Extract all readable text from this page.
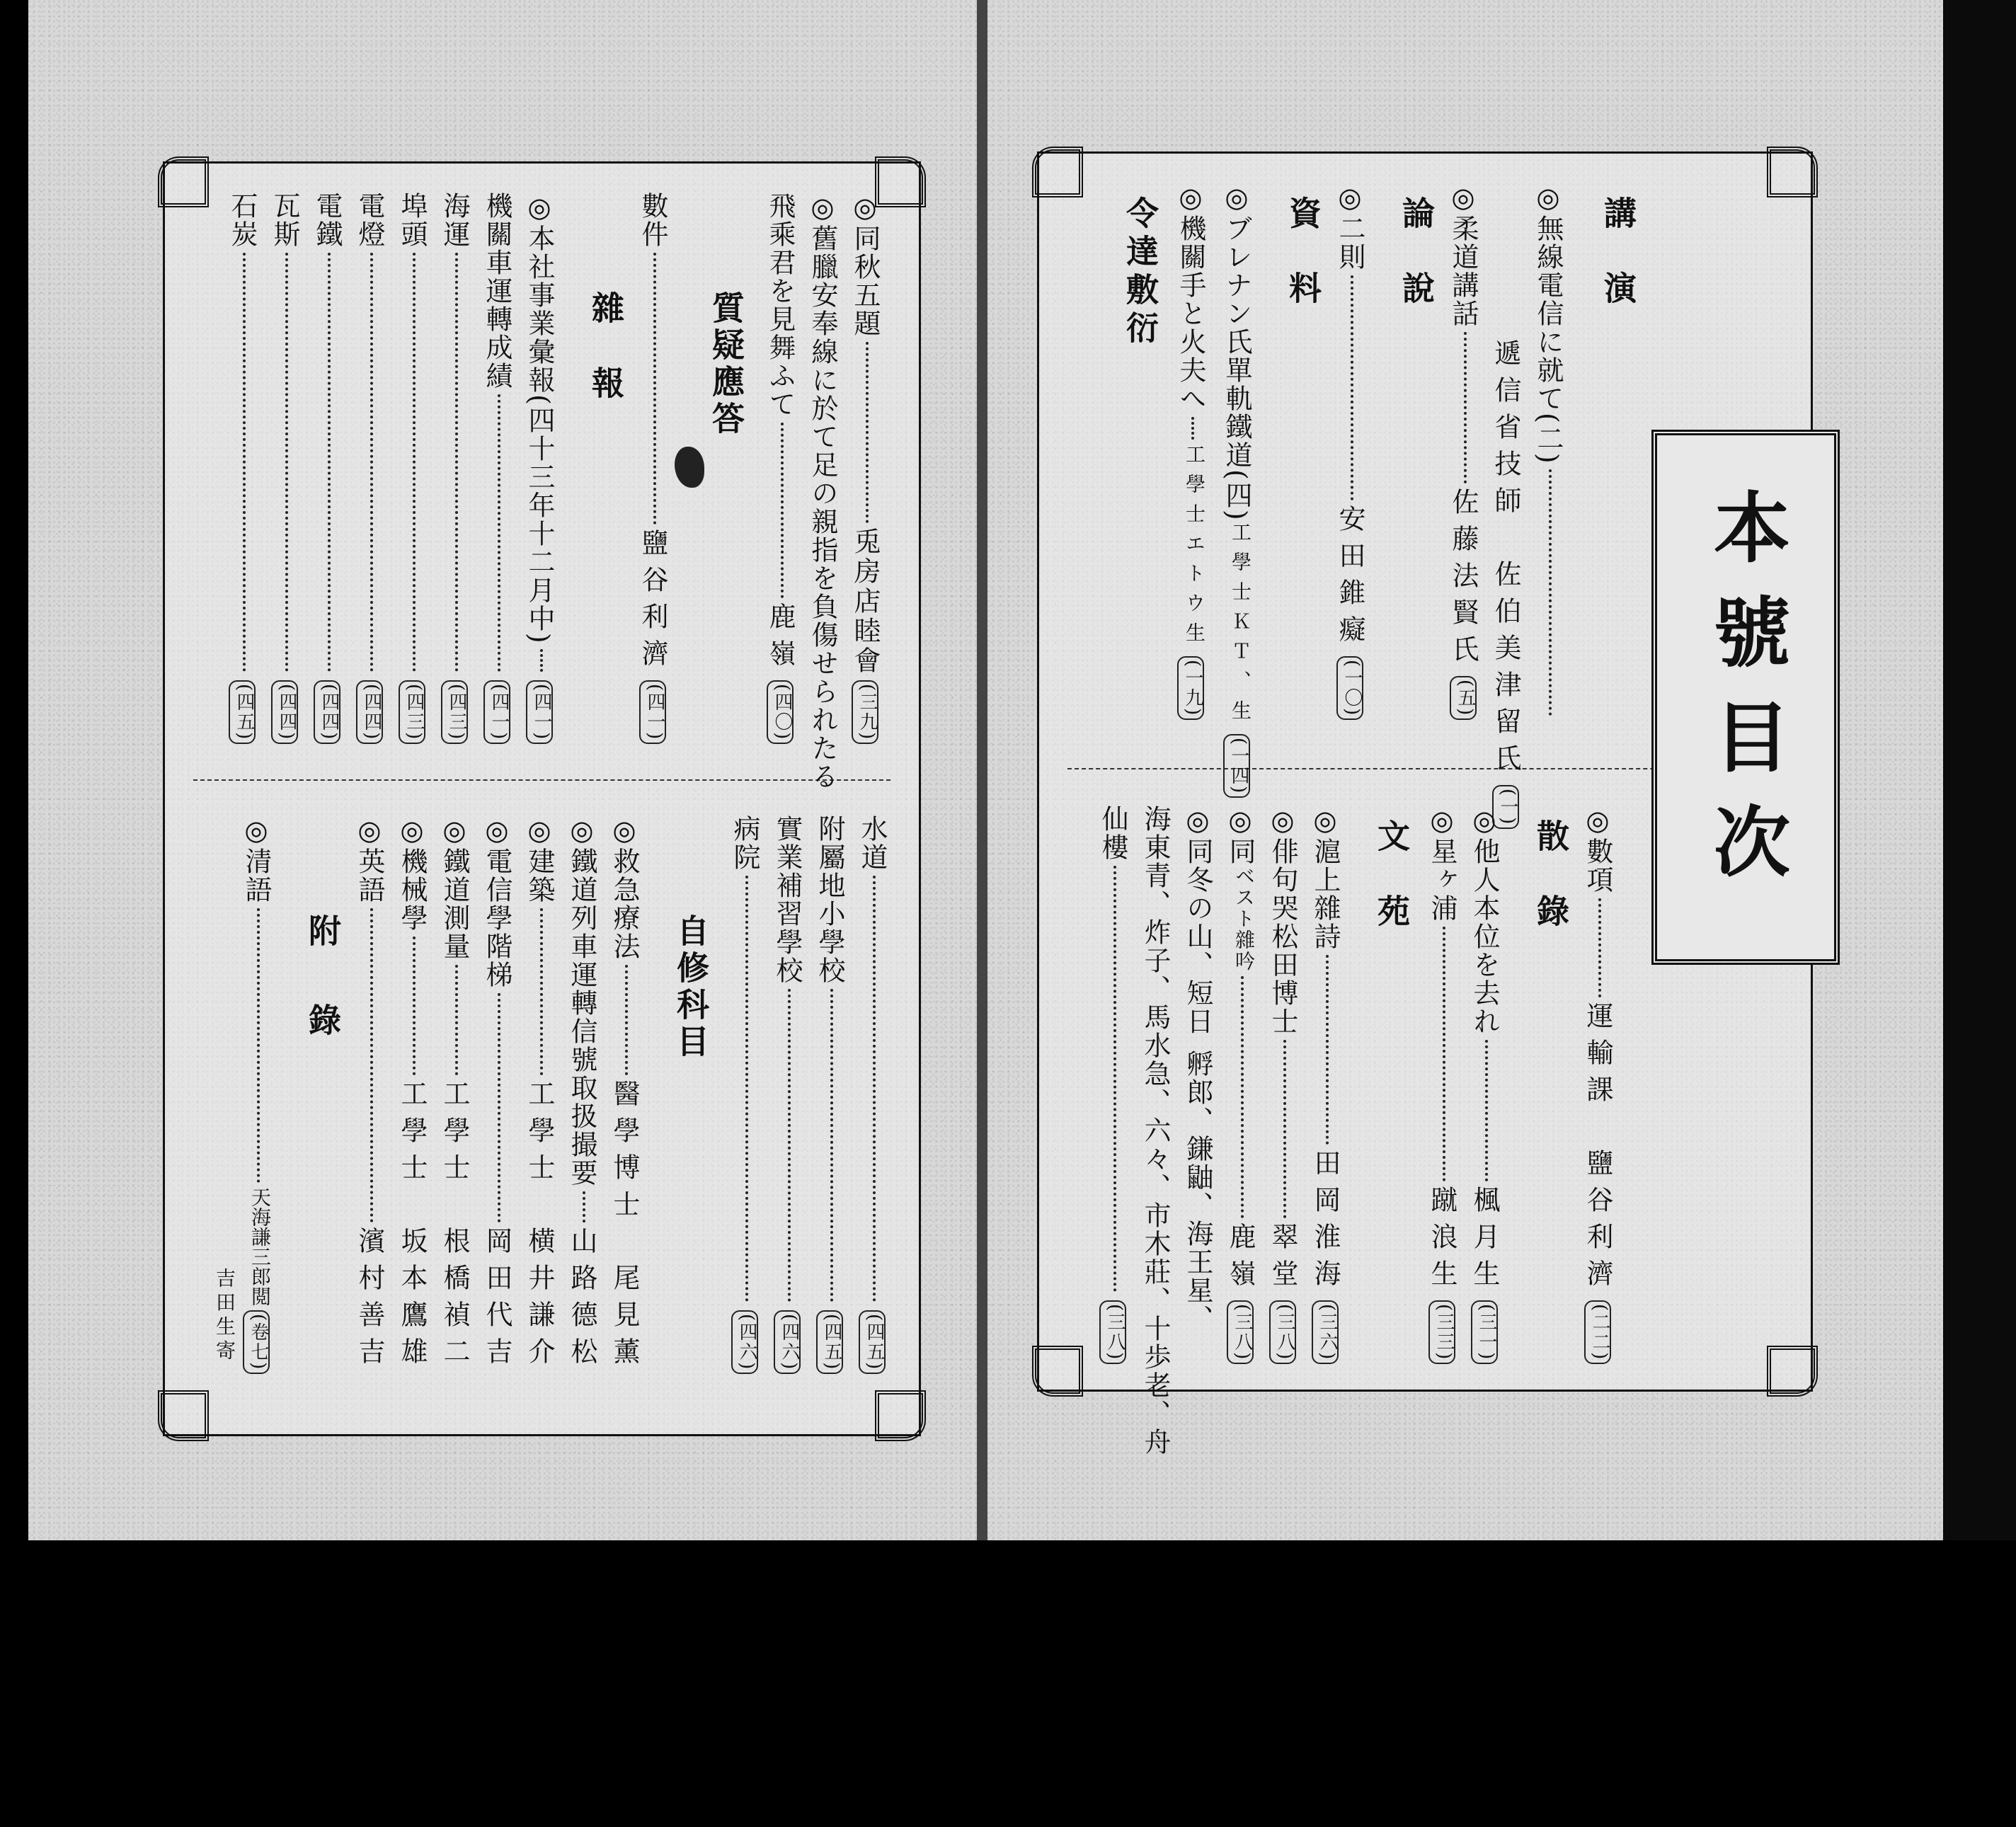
講演
◎無線電信に就て(二)
遞信省技師　佐伯美津留氏
(一)
◎柔道講話
佐藤法賢氏
(五)
論說
◎二則
安田錐癡
(一〇)
資料
◎ブレナン氏單軌鐵道(四)
工學士ＫＴ、生
(一四)
◎機關手と火夫へ
工學士エトウ生
(一九)
令達敷衍
◎數項
運輸課　鹽谷利濟
(二二)
散錄
◎他人本位を去れ
楓月生
(三一)
◎星ヶ浦
蹴浪生
(三三)
文苑
◎滬上雜詩
田岡淮海
(三六)
◎俳句
哭松田博士
翠堂
(三八)
◎同
ベスト雜吟
鹿嶺
(三八)
◎同
冬の山、短日
孵郎、鎌鼬、海王星、
海東青、炸子、馬水急、六々、市木莊、十歩老、舟
仙樓
(三八)
本號目次
◎同
秋五題
兎房店睦會
(三九)
◎舊臘安奉線に於て足の親指を負傷せられたる
飛乘君を見舞ふて
鹿嶺
(四〇)
質疑應答
數件
鹽谷利濟
(四一)
雜報
◎本社事業彙報(四十三年十二月中)
(四一)
機關車運轉成績
(四一)
海運
(四三)
埠頭
(四三)
電燈
(四四)
電鐵
(四四)
瓦斯
(四四)
石炭
(四五)
水道
(四五)
附屬地小學校
(四五)
實業補習學校
(四六)
病院
(四六)
自修科目
◎救急療法
醫學博士　尾見薰
◎鐵道列車運轉信號取扱撮要
山路德松
◎建築
工學士　横井謙介
◎電信學階梯
岡田代吉
◎鐵道測量
工學士　根橋禎二
◎機械學
工學士　坂本鷹雄
◎英語
濱村善吉
附錄
◎清語
天海謙三郎閲
(卷七)
吉田生寄
